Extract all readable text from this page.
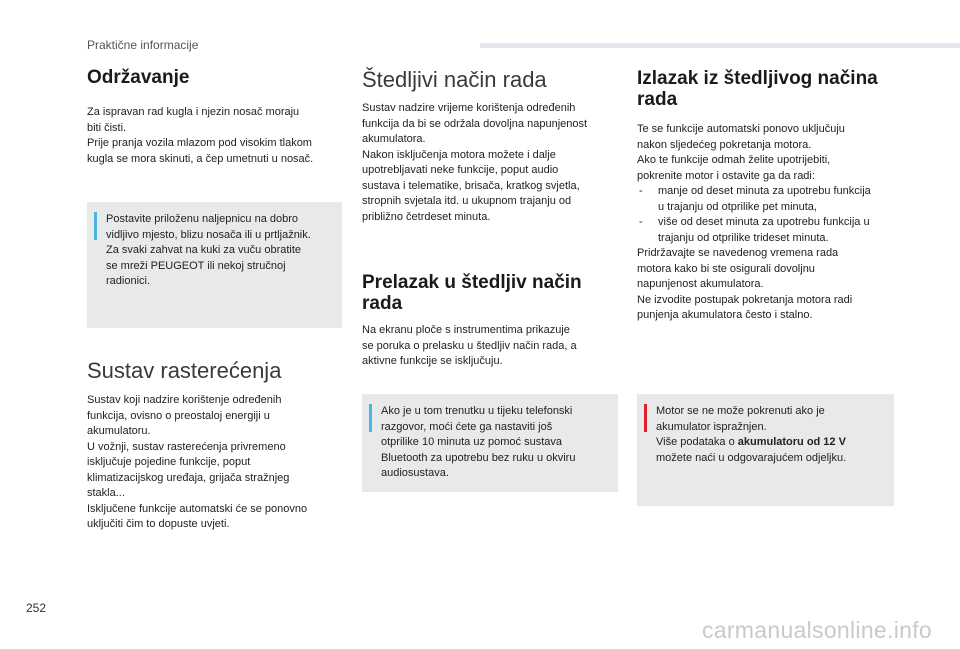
Praktične informacije
Održavanje

Za ispravan rad kugla i njezin nosač moraju
biti čisti.
Prije pranja vozila mlazom pod visokim tlakom
kugla se mora skinuti, a čep umetnuti u nosač.

Postavite priloženu naljepnicu na dobro
vidljivo mjesto, blizu nosača ili u prtljažnik.
Za svaki zahvat na kuki za vuču obratite
se mreži PEUGEOT ili nekoj stručnoj
radionici.

Sustav rasterećenja

Sustav koji nadzire korištenje određenih
funkcija, ovisno o preostaloj energiji u
akumulatoru.
U vožnji, sustav rasterećenja privremeno
isključuje pojedine funkcije, poput
klimatizacijskog uređaja, grijača stražnjeg
stakla...
Isključene funkcije automatski će se ponovno
uključiti čim to dopuste uvjeti.

Štedljivi način rada

Sustav nadzire vrijeme korištenja određenih
funkcija da bi se održala dovoljna napunjenost
akumulatora.
Nakon isključenja motora možete i dalje
upotrebljavati neke funkcije, poput audio
sustava i telematike, brisača, kratkog svjetla,
stropnih svjetala itd. u ukupnom trajanju od
približno četrdeset minuta.

Prelazak u štedljiv način
rada

Na ekranu ploče s instrumentima prikazuje
se poruka o prelasku u štedljiv način rada, a
aktivne funkcije se isključuju.

Ako je u tom trenutku u tijeku telefonski
razgovor, moći ćete ga nastaviti još
otprilike 10 minuta uz pomoć sustava
Bluetooth za upotrebu bez ruku u okviru
audiosustava.

Izlazak iz štedljivog načina
rada

Te se funkcije automatski ponovo uključuju
nakon sljedećeg pokretanja motora.
Ako te funkcije odmah želite upotrijebiti,
pokrenite motor i ostavite ga da radi:

- manje od deset minuta za upotrebu funkcija
u trajanju od otprilike pet minuta,
- više od deset minuta za upotrebu funkcija u
trajanju od otprilike trideset minuta.

Pridržavajte se navedenog vremena rada
motora kako bi ste osigurali dovoljnu
napunjenost akumulatora.
Ne izvodite postupak pokretanja motora radi
punjenja akumulatora često i stalno.

Motor se ne može pokrenuti ako je
akumulator ispražnjen.
Više podataka o akumulatoru od 12 V
možete naći u odgovarajućem odjeljku.

252
carmanualsonline.info
